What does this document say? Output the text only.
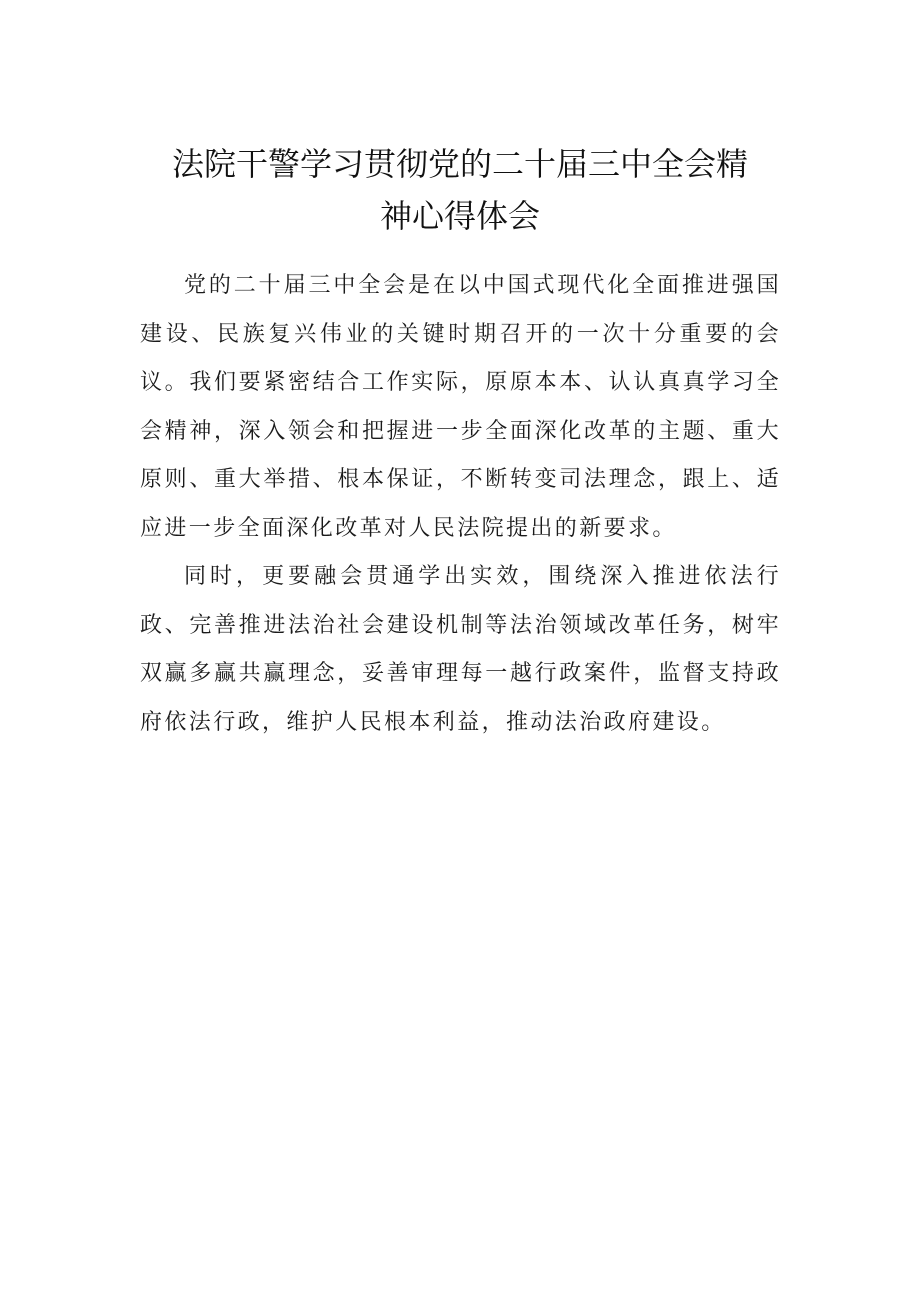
法院干警学习贯彻党的二十届三中全会精
神心得体会

党的二十届三中全会是在以中国式现代化全面推进强国建设、民族复兴伟业的关键时期召开的一次十分重要的会议。我们要紧密结合工作实际，原原本本、认认真真学习全会精神，深入领会和把握进一步全面深化改革的主题、重大原则、重大举措、根本保证，不断转变司法理念，跟上、适应进一步全面深化改革对人民法院提出的新要求。

同时，更要融会贯通学出实效，围绕深入推进依法行政、完善推进法治社会建设机制等法治领域改革任务，树牢双赢多赢共赢理念，妥善审理每一越行政案件，监督支持政府依法行政，维护人民根本利益，推动法治政府建设。
